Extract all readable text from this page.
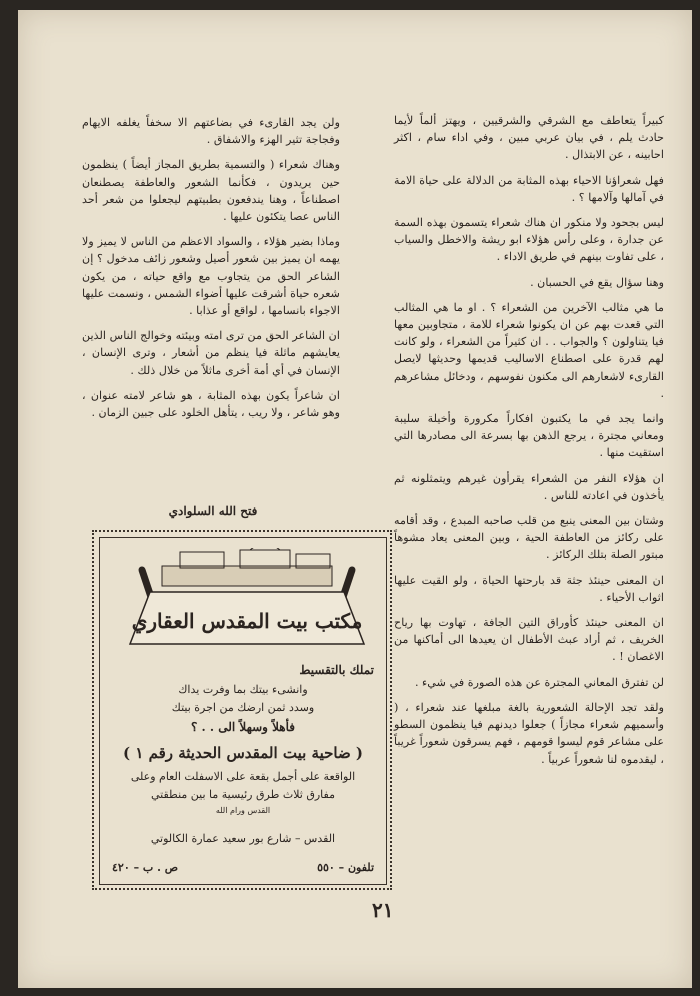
كبيراً يتعاطف مع الشرقي والشرقيين ، ويهتز ألماً لأيما حادث يلم ، في بيان عربي مبين ، وفي اداء سام ، اكثر احابينه ، عن الابتذال .

فهل شعراؤنا الاحياء بهذه المثابة من الدلالة على حياة الامة في آمالها وآلامها ؟ .

ليس بجحود ولا منكور ان هناك شعراء يتسمون بهذه السمة عن جدارة ، وعلى رأس هؤلاء ابو ريشة والاخطل والسياب ، على تفاوت بينهم في طريق الاداء .

وهنا سؤال يقع في الحسبان .

ما هي مثالب الآخرين من الشعراء ؟ . او ما هي المثالب التي قعدت بهم عن ان يكونوا شعراء للامة ، متجاوبين معها فيا يتناولون ؟ والجواب . . ان كثيراً من الشعراء ، ولو كانت لهم قدرة على اصطناع الاساليب قديمها وحديثها لايصل القارىء لاشعارهم الى مكنون نفوسهم ، ودخائل مشاعرهم .

وانما يجد في ما يكتبون افكاراً مكرورة وأخيلة سليبة ومعاني مجترة ، يرجع الذهن بها بسرعة الى مصادرها التي استقيت منها .

ان هؤلاء النفر من الشعراء يقرأون غيرهم ويتمثلونه ثم يأخذون في اعادته للناس .

وشتان بين المعنى ينبع من قلب صاحبه المبدع ، وقد أقامه على ركائز من العاطفة الحية ، وبين المعنى يعاد مشوهاً مبتور الصلة بتلك الركائز .

ان المعنى حينئذ جثة قد بارحتها الحياة ، ولو القيت عليها اثواب الأحياء .

ان المعنى حينئذ كأوراق التين الجافة ، تهاوت بها رياح الخريف ، ثم أراد عبث الأطفال ان يعيدها الى أماكنها من الاغصان ! .

لن تفترق المعاني المجترة عن هذه الصورة في شيء .

ولقد تجد الإحالة الشعورية بالغة مبلغها عند شعراء ، ( وأسميهم شعراء مجازاً ) جعلوا ديدنهم فيا ينظمون السطو على مشاعر قوم ليسوا قومهم ، فهم يسرقون شعوراً غريباً ، ليقدموه لنا شعوراً عربياً .

ولن يجد القارىء في بضاعتهم الا سخفاً يغلفه الايهام وفجاجة تثير الهزء والاشفاق .

وهناك شعراء ( والتسمية بطريق المجاز أيضاً ) ينظمون حين يريدون ، فكأنما الشعور والعاطفة يصطنعان اصطناعاً ، وهنا يندفعون بطبيتهم ليجعلوا من شعر أحد الناس عصا يتكئون عليها .

وماذا بضير هؤلاء ، والسواد الاعظم من الناس لا يميز ولا يهمه ان يميز بين شعور أصيل وشعور زائف مدخول ؟ إن الشاعر الحق من يتجاوب مع واقع حياته ، من يكون شعره حياة أشرقت عليها أضواء الشمس ، ونسمت عليها الاجواء بانسامها ، لواقع أو عذابا .

ان الشاعر الحق من ترى امته وبيئته وخوالج الناس الذين يعايشهم ماثلة فيا ينظم من أشعار ، وترى الإنسان ، الإنسان في أي أمة أخرى ماثلاً من خلال ذلك .

ان شاعراً يكون بهذه المثابة ، هو شاعر لامته عنوان ، وهو شاعر ، ولا ريب ، يتأهل الخلود على جبين الزمان .

فتح الله السلوادي
مكتب بيت المقدس العقاري
تملك بالتقسيط
وانشىء بيتك بما وفرت يداك
وسدد ثمن ارضك من اجرة بيتك
فأهلاً وسهلاً الى . . ؟
( ضاحية بيت المقدس الحديثة رقم ١ )
الواقعة على أجمل بقعة على الاسفلت العام وعلى
مفارق ثلاث طرق رئيسية ما بين منطقتي
القدس ورام الله
القدس – شارع بور سعيد عمارة الكالوتي
تلفون – ٥٥٠
ص . ب – ٤٢٠
٢١
